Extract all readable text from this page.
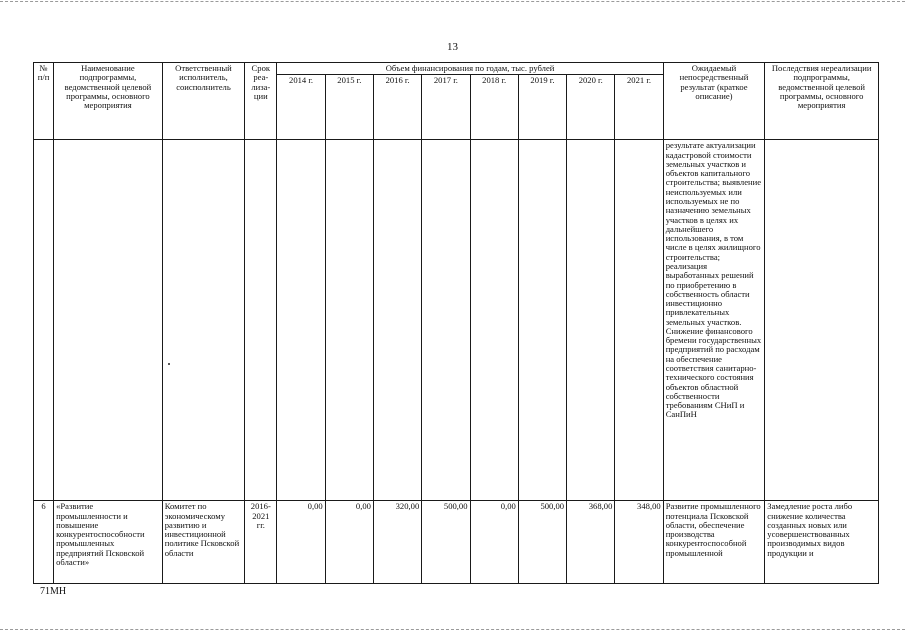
13
№ п/п	Наименование подпрограммы, ведомственной целевой программы, основного мероприятия	Ответственный исполнитель, соисполнитель	Срок реа-лиза-ции	Объем финансирования по годам, тыс. рублей								Ожидаемый непосредственный результат (краткое описание)	Последствия нереализации подпрограммы, ведомственной целевой программы, основного мероприятия
				2014 г.	2015 г.	2016 г.	2017 г.	2018 г.	2019 г.	2020 г.	2021 г.		

										результате актуализации кадастровой стоимости земельных участков и объектов капитального строительства; выявление неиспользуемых или используемых не по назначению земельных участков в целях их дальнейшего использования, в том числе в целях жилищного строительства; реализация выработанных решений по приобретению в собственность области инвестиционно привлекательных земельных участков. Снижение финансового бремени государственных предприятий по расходам на обеспечение соответствия санитарно-технического состояния объектов областной собственности требованиям СНиП и СанПиН	
6	«Развитие промышленности и повышение конкурентоспособности промышленных предприятий Псковской области»	Комитет по экономическому развитию и инвестиционной политике Псковской области	2016-2021 гг.	0,00	0,00	320,00	500,00	0,00	500,00	368,00	348,00	Развитие промышленного потенциала Псковской области, обеспечение производства конкурентоспособной промышленной	Замедление роста либо снижение количества созданных новых или усовершенствованных производимых видов продукции и
71МН
